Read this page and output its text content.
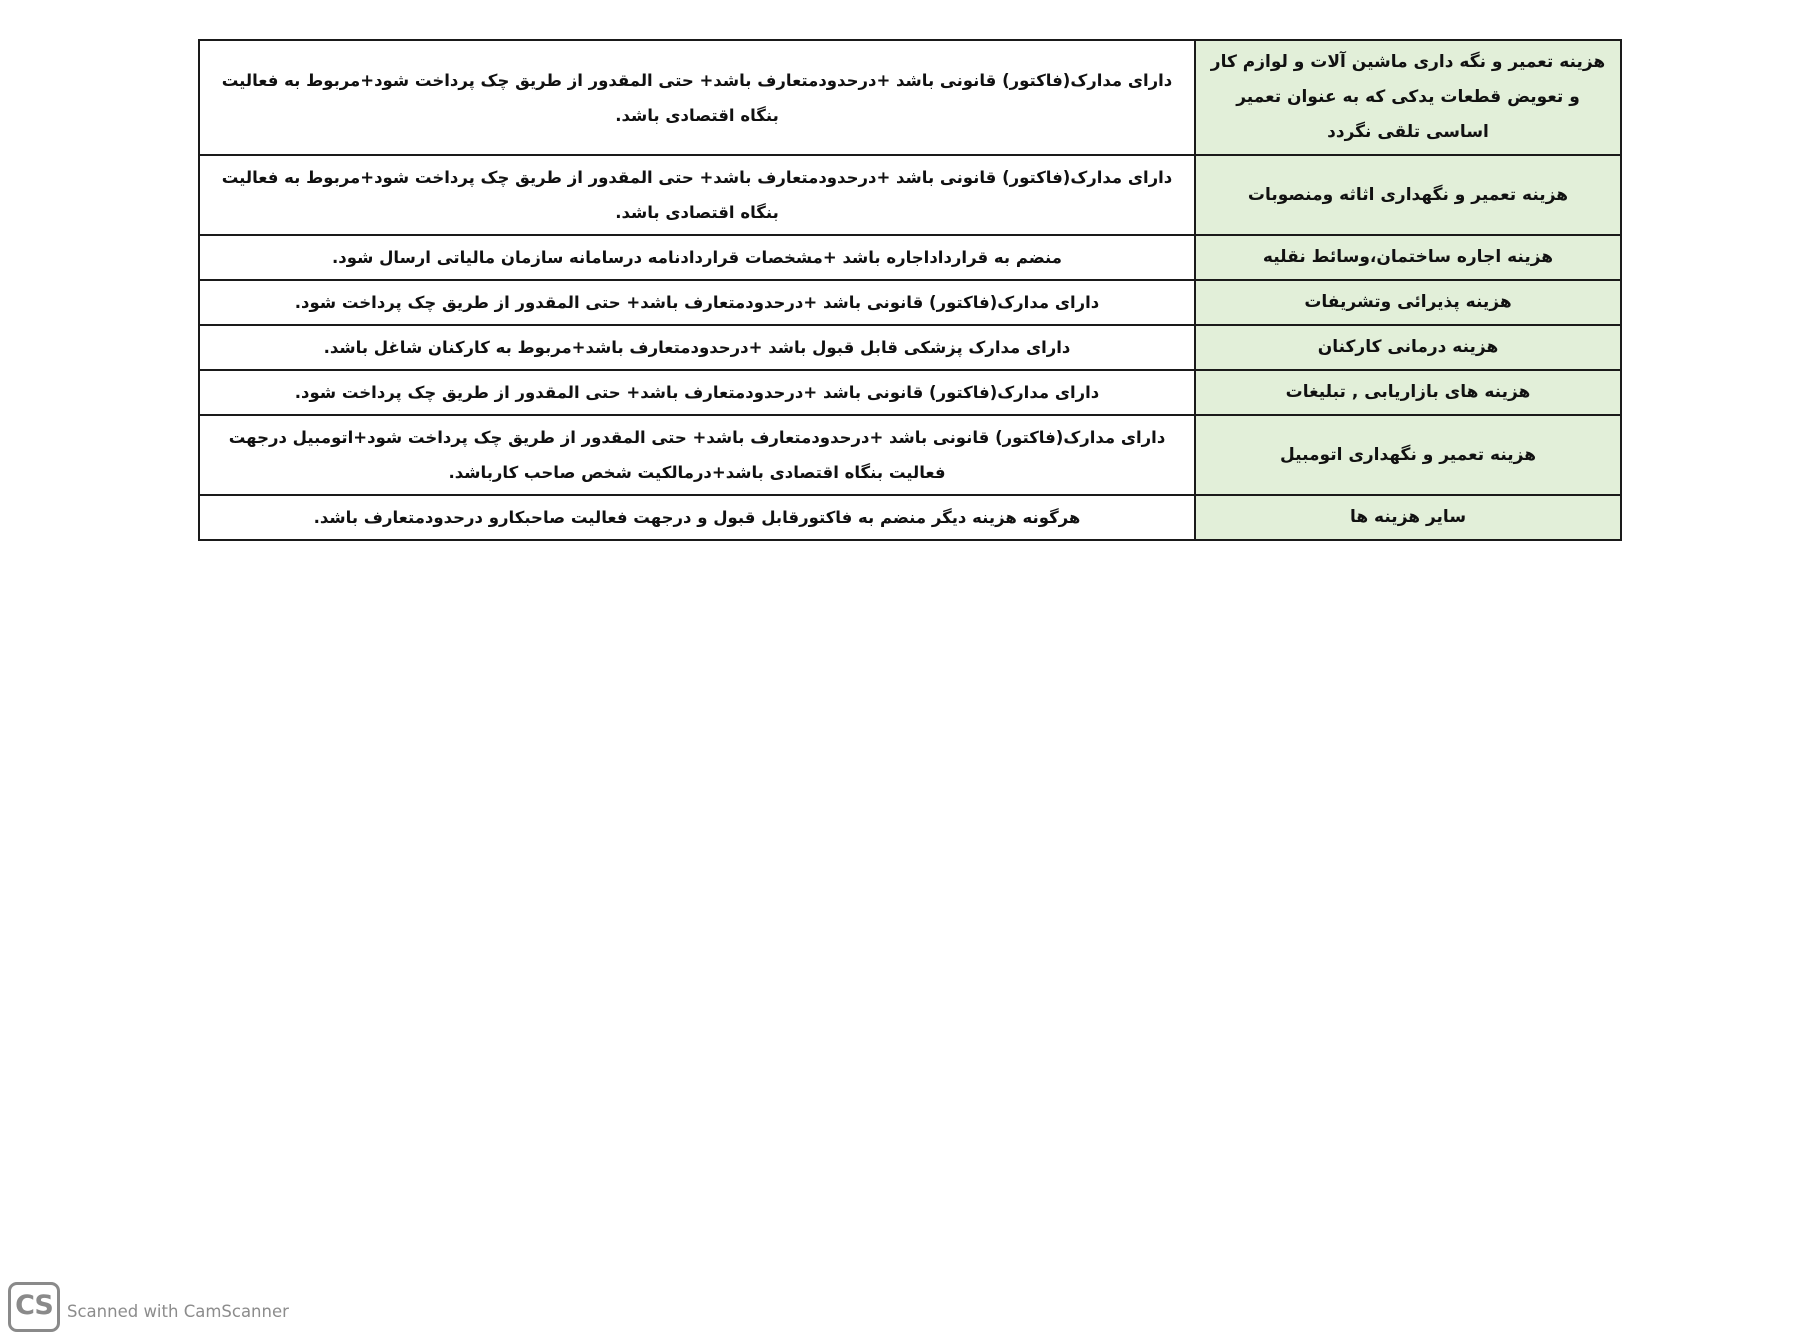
هزینه تعمیر و نگه داری ماشین آلات و لوازم کار و تعویض قطعات یدکی که به عنوان تعمیر اساسی تلقی نگردد	دارای مدارک(فاکتور) قانونی باشد +درحدودمتعارف باشد+ حتی المقدور از طریق چک پرداخت شود+مربوط به فعالیت بنگاه اقتصادی باشد.
هزینه تعمیر و نگهداری اثاثه ومنصوبات	دارای مدارک(فاکتور) قانونی باشد +درحدودمتعارف باشد+ حتی المقدور از طریق چک پرداخت شود+مربوط به فعالیت بنگاه اقتصادی باشد.
هزینه اجاره ساختمان،وسائط نقلیه	منضم به قرارداداجاره باشد +مشخصات قراردادنامه درسامانه سازمان مالیاتی ارسال شود.
هزینه پذیرائی وتشریفات	دارای مدارک(فاکتور) قانونی باشد +درحدودمتعارف باشد+ حتی المقدور از طریق چک پرداخت شود.
هزینه درمانی کارکنان	دارای مدارک پزشکی قابل قبول باشد +درحدودمتعارف باشد+مربوط به کارکنان شاغل باشد.
هزینه های بازاریابی , تبلیغات	دارای مدارک(فاکتور) قانونی باشد +درحدودمتعارف باشد+ حتی المقدور از طریق چک پرداخت شود.
هزینه تعمیر و نگهداری اتومبیل	دارای مدارک(فاکتور) قانونی باشد +درحدودمتعارف باشد+ حتی المقدور از طریق چک پرداخت شود+اتومبیل درجهت فعالیت بنگاه اقتصادی باشد+درمالکیت شخص صاحب کارباشد.
سایر هزینه ها	هرگونه هزینه دیگر منضم به فاکتورقابل قبول و درجهت فعالیت صاحبکارو درحدودمتعارف باشد.
CS Scanned with CamScanner
